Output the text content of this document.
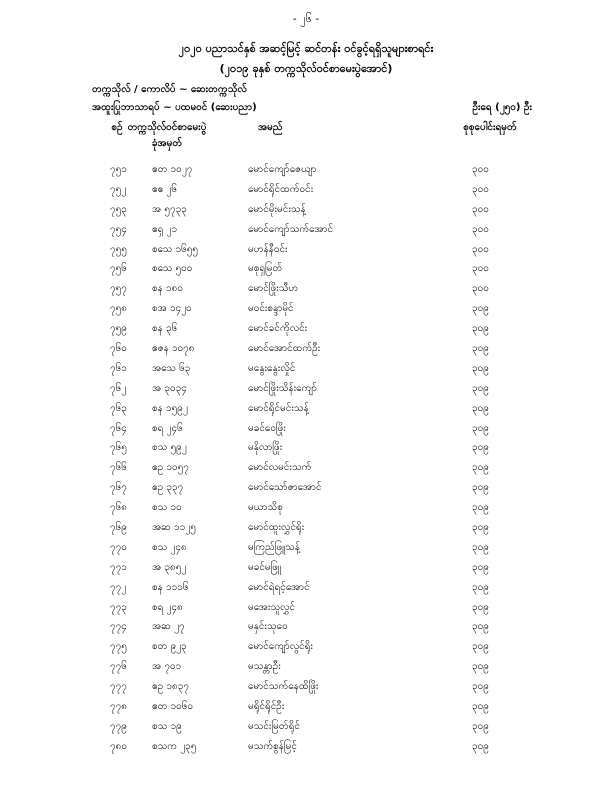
- ၂၆ -
၂၀၂၀ ပညာသင်နှစ် အဆင့်မြင့် ဆင်တန်း ဝင်ခွင့်ရရှိသူများစာရင်း
(၂၀၁၉ ခုနှစ် တက္ကသိုလ်ဝင်စာမေးပွဲအောင်)
တက္ကသိုလ် / ကောလိပ် ~ ဆေးတက္ကသိုလ်
အထူးပြုဘာသာရပ် ~ ပထမဝင် (ဆေးပညာ)	ဦးရေ (၂၅၀) ဦး
စဉ် တက္ကသိုလ်ဝင်စာမေးပွဲ	အမည်	စုစုပေါင်းရမှတ်
ခုံအမှတ်
၇၅၁	ဧတ ၁၀၂၇	မောင်ကျော်ဇေယျာ	၃၀၀
၇၅၂	ဧဧ ၂၆	မောင်ရိုင်ထက်ဝင်း	၃၀၀
၇၅၃	အ ၅၇၃၃	မောင်မိုးမင်းသန့်	၃၀၀
၇၅၄	ဧရှ ၂၁	မောင်ကျော်သက်အောင်	၃၀၀
၇၅၅	စသေ ၁၆၅၅	မဟန်နီဝင်း	၃၀၀
၇၅၆	စသေ ၅၀၀	မစုရှမြတ်	၃၀၀
၇၅၇	စန ၁၈၀	မောင်ဖြိုးသီဟ	၃၀၀
၇၅၈	စအ ၁၄၂၀	မဝင်းစန္ဒာမိုင်	၃၀၉
၇၅၉	စန ၃၆	မောင်ခင်ကိုလင်း	၃၀၉
၇၆၀	ဧဇန ၁၀၇၈	မောင်အောင်ထက်ဦး	၃၀၉
၇၆၁	အသေ ၆၃	မနွေးနွေးလှိုင်	၃၀၉
၇၆၂	အ ၃၀၃၄	မောင်ဖြိုးသိန်းကျော်	၃၀၉
၇၆၃	စန ၁၅၉၂	မောင်ရိုင်မင်းသန့်	၃၀၉
၇၆၄	စရ ၂၄၆	မခင်ဝေဖြိုး	၃၀၉
၇၆၅	စသ ၅၉၂	မနိုလာဖြိုး	၃၀၉
၇၆၆	ဧဥ ၁၀၅၇	မောင်လမင်းသက်	၃၀၉
၇၆၇	ဧဥ ၃၃၇	မောင်သော်ဇာအောင်	၃၀၉
၇၆၈	စသ ၁၀	မယာသိစု	၃၀၉
၇၆၉	အဆ ၁၁၂၅	မောင်ထူးလွှင်ရိုး	၃၀၉
၇၇၀	စသ ၂၄၈	မကြည်ဖြူသန့်	၃၀၉
၇၇၁	အ ၃၈၅၂	မခင်မဖြူ	၃၀၉
၇၇၂	စန ၁၁၁၆	မောင်ရဲရင့်အောင်	၃၀၉
၇၇၃	စရ ၂၄၈	မအေးသူလွှင်	၃၀၉
၇၇၄	အဆ ၂၇	မနှင်းသုဝေ	၃၀၉
၇၇၅	စတ ၉၂၃	မောင်ကျော်လွင်ရိုး	၃၀၉
၇၇၆	အ ၇၀၁	မသန္တာဦး	၃၀၉
၇၇၇	ဧဥ ၁၈၃၇	မောင်သက်နေထိဖြိုး	၃၀၉
၇၇၈	ဧတ ၁၀၆၀	မရိုင်ရိုင်ဦး	၃၀၉
၇၇၉	စသ ၁၉	မသင်းမြတ်ရိုင်	၃၀၉
၇၈၀	စသက ၂၃၅	မသက်စွန်မြင့်	၃၀၉
